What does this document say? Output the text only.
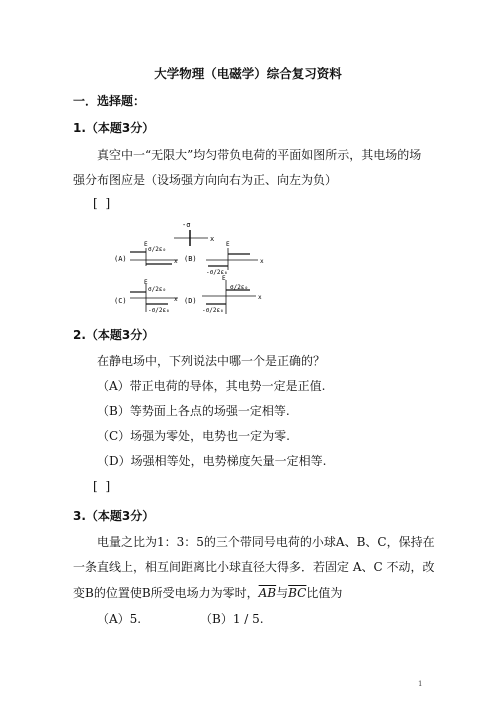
大学物理（电磁学）综合复习资料
一．选择题：
1.（本题3分）
真空中一“无限大”均匀带负电荷的平面如图所示，其电场的场
强分布图应是（设场强方向向右为正、向左为负）
[ ]
-σ
x
(A)
E
σ/2ε₀
x (B)
E
-σ/2ε₀
x
(C)
E
σ/2ε₀
-σ/2ε₀
x (D)
E
σ/2ε₀
-σ/2ε₀
x
2.（本题3分）
在静电场中，下列说法中哪一个是正确的？
（A）带正电荷的导体，其电势一定是正值.
（B）等势面上各点的场强一定相等.
（C）场强为零处，电势也一定为零.
（D）场强相等处，电势梯度矢量一定相等.
[ ]
3.（本题3分）
电量之比为1：3：5的三个带同号电荷的小球A、B、C，保持在
一条直线上，相互间距离比小球直径大得多．若固定 A、C 不动，改
变B的位置使B所受电场力为零时，$\overline{AB}$与$\overline{BC}$比值为
（A）5.	（B）1 / 5.
1
